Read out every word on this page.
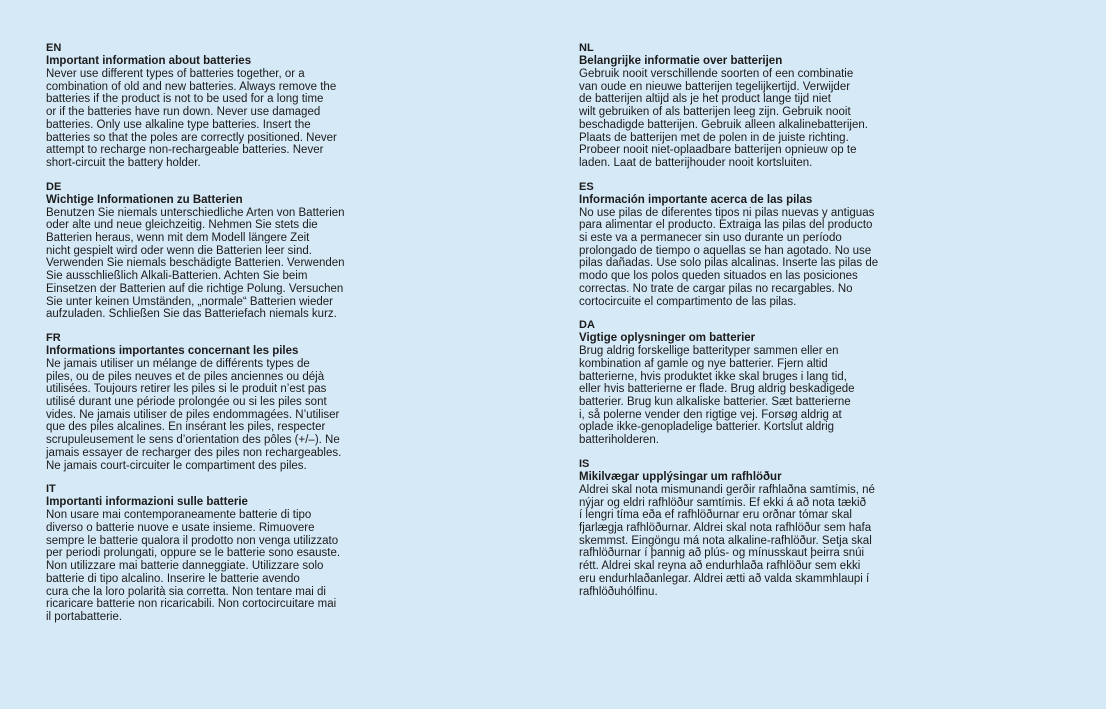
EN
Important information about batteries
Never use different types of batteries together, or a
combination of old and new batteries. Always remove the
batteries if the product is not to be used for a long time
or if the batteries have run down. Never use damaged
batteries. Only use alkaline type batteries. Insert the
batteries so that the poles are correctly positioned. Never
attempt to recharge non-rechargeable batteries. Never
short-circuit the battery holder.
DE
Wichtige Informationen zu Batterien
Benutzen Sie niemals unterschiedliche Arten von Batterien
oder alte und neue gleichzeitig. Nehmen Sie stets die
Batterien heraus, wenn mit dem Modell längere Zeit
nicht gespielt wird oder wenn die Batterien leer sind.
Verwenden Sie niemals beschädigte Batterien. Verwenden
Sie ausschließlich Alkali-Batterien. Achten Sie beim
Einsetzen der Batterien auf die richtige Polung. Versuchen
Sie unter keinen Umständen, „normale“ Batterien wieder
aufzuladen. Schließen Sie das Batteriefach niemals kurz.
FR
Informations importantes concernant les piles
Ne jamais utiliser un mélange de différents types de
piles, ou de piles neuves et de piles anciennes ou déjà
utilisées. Toujours retirer les piles si le produit n’est pas
utilisé durant une période prolongée ou si les piles sont
vides. Ne jamais utiliser de piles endommagées. N’utiliser
que des piles alcalines. En insérant les piles, respecter
scrupuleusement le sens d’orientation des pôles (+/–). Ne
jamais essayer de recharger des piles non rechargeables.
Ne jamais court-circuiter le compartiment des piles.
IT
Importanti informazioni sulle batterie
Non usare mai contemporaneamente batterie di tipo
diverso o batterie nuove e usate insieme. Rimuovere
sempre le batterie qualora il prodotto non venga utilizzato
per periodi prolungati, oppure se le batterie sono esauste.
Non utilizzare mai batterie danneggiate. Utilizzare solo
batterie di tipo alcalino. Inserire le batterie avendo
cura che la loro polarità sia corretta. Non tentare mai di
ricaricare batterie non ricaricabili. Non cortocircuitare mai
il portabatterie.
NL
Belangrijke informatie over batterijen
Gebruik nooit verschillende soorten of een combinatie
van oude en nieuwe batterijen tegelijkertijd. Verwijder
de batterijen altijd als je het product lange tijd niet
wilt gebruiken of als batterijen leeg zijn. Gebruik nooit
beschadigde batterijen. Gebruik alleen alkalinebatterijen.
Plaats de batterijen met de polen in de juiste richting.
Probeer nooit niet-oplaadbare batterijen opnieuw op te
laden. Laat de batterijhouder nooit kortsluiten.
ES
Información importante acerca de las pilas
No use pilas de diferentes tipos ni pilas nuevas y antiguas
para alimentar el producto. Extraiga las pilas del producto
si este va a permanecer sin uso durante un período
prolongado de tiempo o aquellas se han agotado. No use
pilas dañadas. Use solo pilas alcalinas. Inserte las pilas de
modo que los polos queden situados en las posiciones
correctas. No trate de cargar pilas no recargables. No
cortocircuite el compartimento de las pilas.
DA
Vigtige oplysninger om batterier
Brug aldrig forskellige batterityper sammen eller en
kombination af gamle og nye batterier. Fjern altid
batterierne, hvis produktet ikke skal bruges i lang tid,
eller hvis batterierne er flade. Brug aldrig beskadigede
batterier. Brug kun alkaliske batterier. Sæt batterierne
i, så polerne vender den rigtige vej. Forsøg aldrig at
oplade ikke-genopladelige batterier. Kortslut aldrig
batteriholderen.
IS
Mikilvægar upplýsingar um rafhlöður
Aldrei skal nota mismunandi gerðir rafhlaðna samtímis, né
nýjar og eldri rafhlöður samtímis. Ef ekki á að nota tækið
í lengri tíma eða ef rafhlöðurnar eru orðnar tómar skal
fjarlægja rafhlöðurnar. Aldrei skal nota rafhlöður sem hafa
skemmst. Eingöngu má nota alkaline-rafhlöður. Setja skal
rafhlöðurnar í þannig að plús- og mínusskaut þeirra snúi
rétt. Aldrei skal reyna að endurhlaða rafhlöður sem ekki
eru endurhlaðanlegar. Aldrei ætti að valda skammhlaupi í
rafhlöðuhólfinu.
